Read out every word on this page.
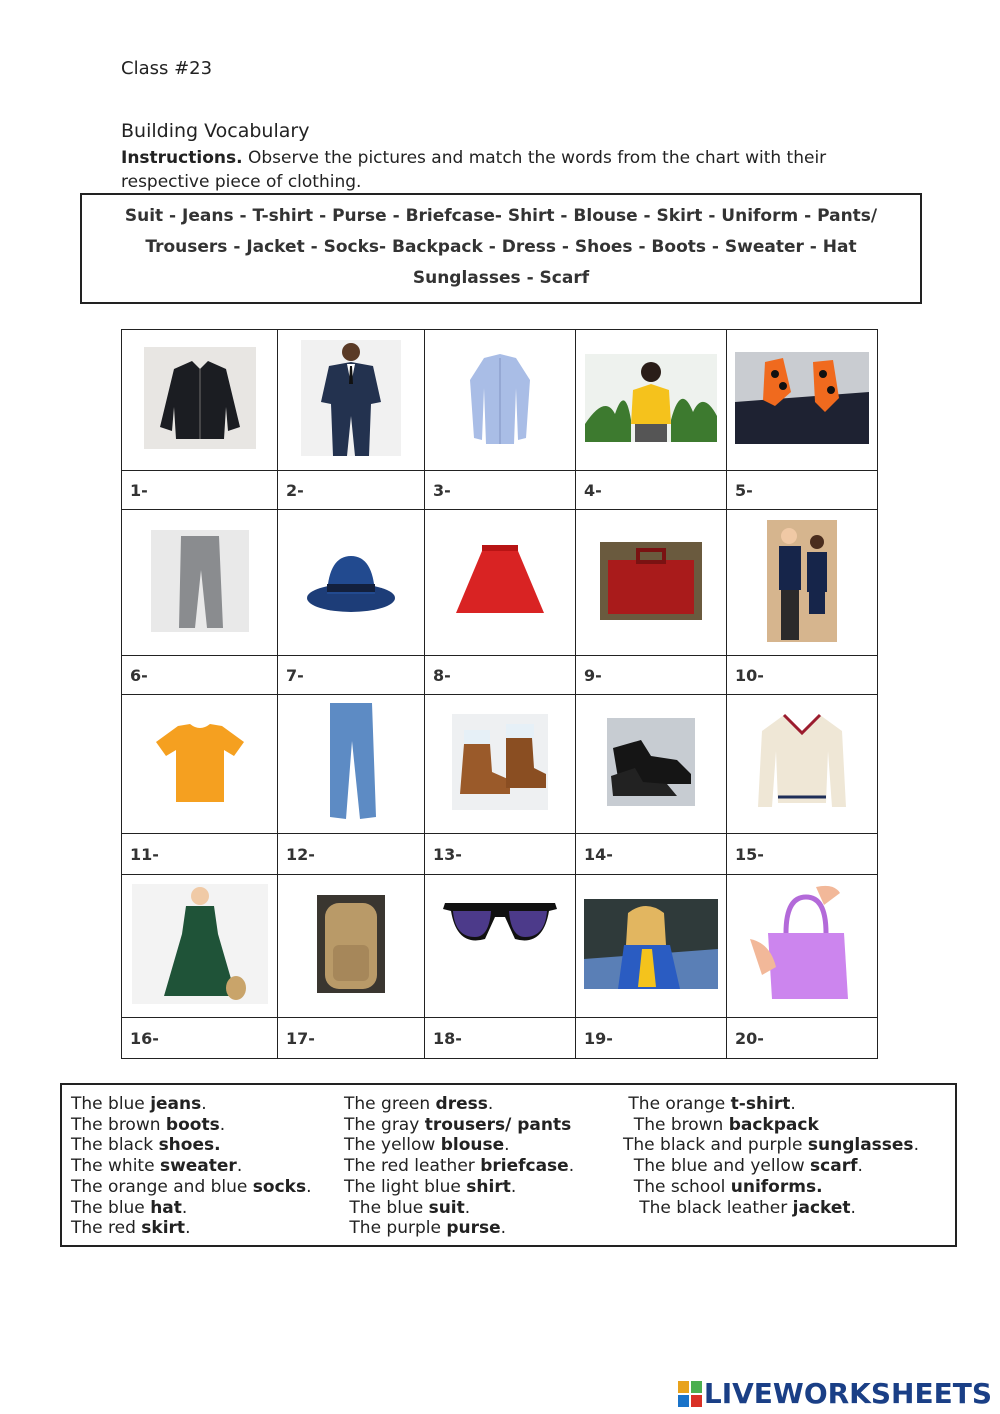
Class #23
Building Vocabulary
Instructions. Observe the pictures and match the words from the chart with their respective piece of clothing.
Suit - Jeans - T-shirt - Purse - Briefcase- Shirt - Blouse - Skirt - Uniform - Pants/
Trousers - Jacket - Socks- Backpack - Dress - Shoes - Boots - Sweater - Hat
Sunglasses - Scarf

1-	2-	3-	4-	5-

6-	7-	8-	9-	10-

11-	12-	13-	14-	15-

16-	17-	18-	19-	20-
The blue jeans.
The brown boots.
The black shoes.
The white sweater.
The orange and blue socks.
The blue hat.
The red skirt.
The green dress.
The gray trousers/ pants
The yellow blouse.
The red leather briefcase.
The light blue shirt.
The blue suit.
The purple purse.
The orange t-shirt.
The brown backpack
The black and purple sunglasses.
The blue and yellow scarf.
The school uniforms.
The black leather jacket.
LIVEWORKSHEETS
